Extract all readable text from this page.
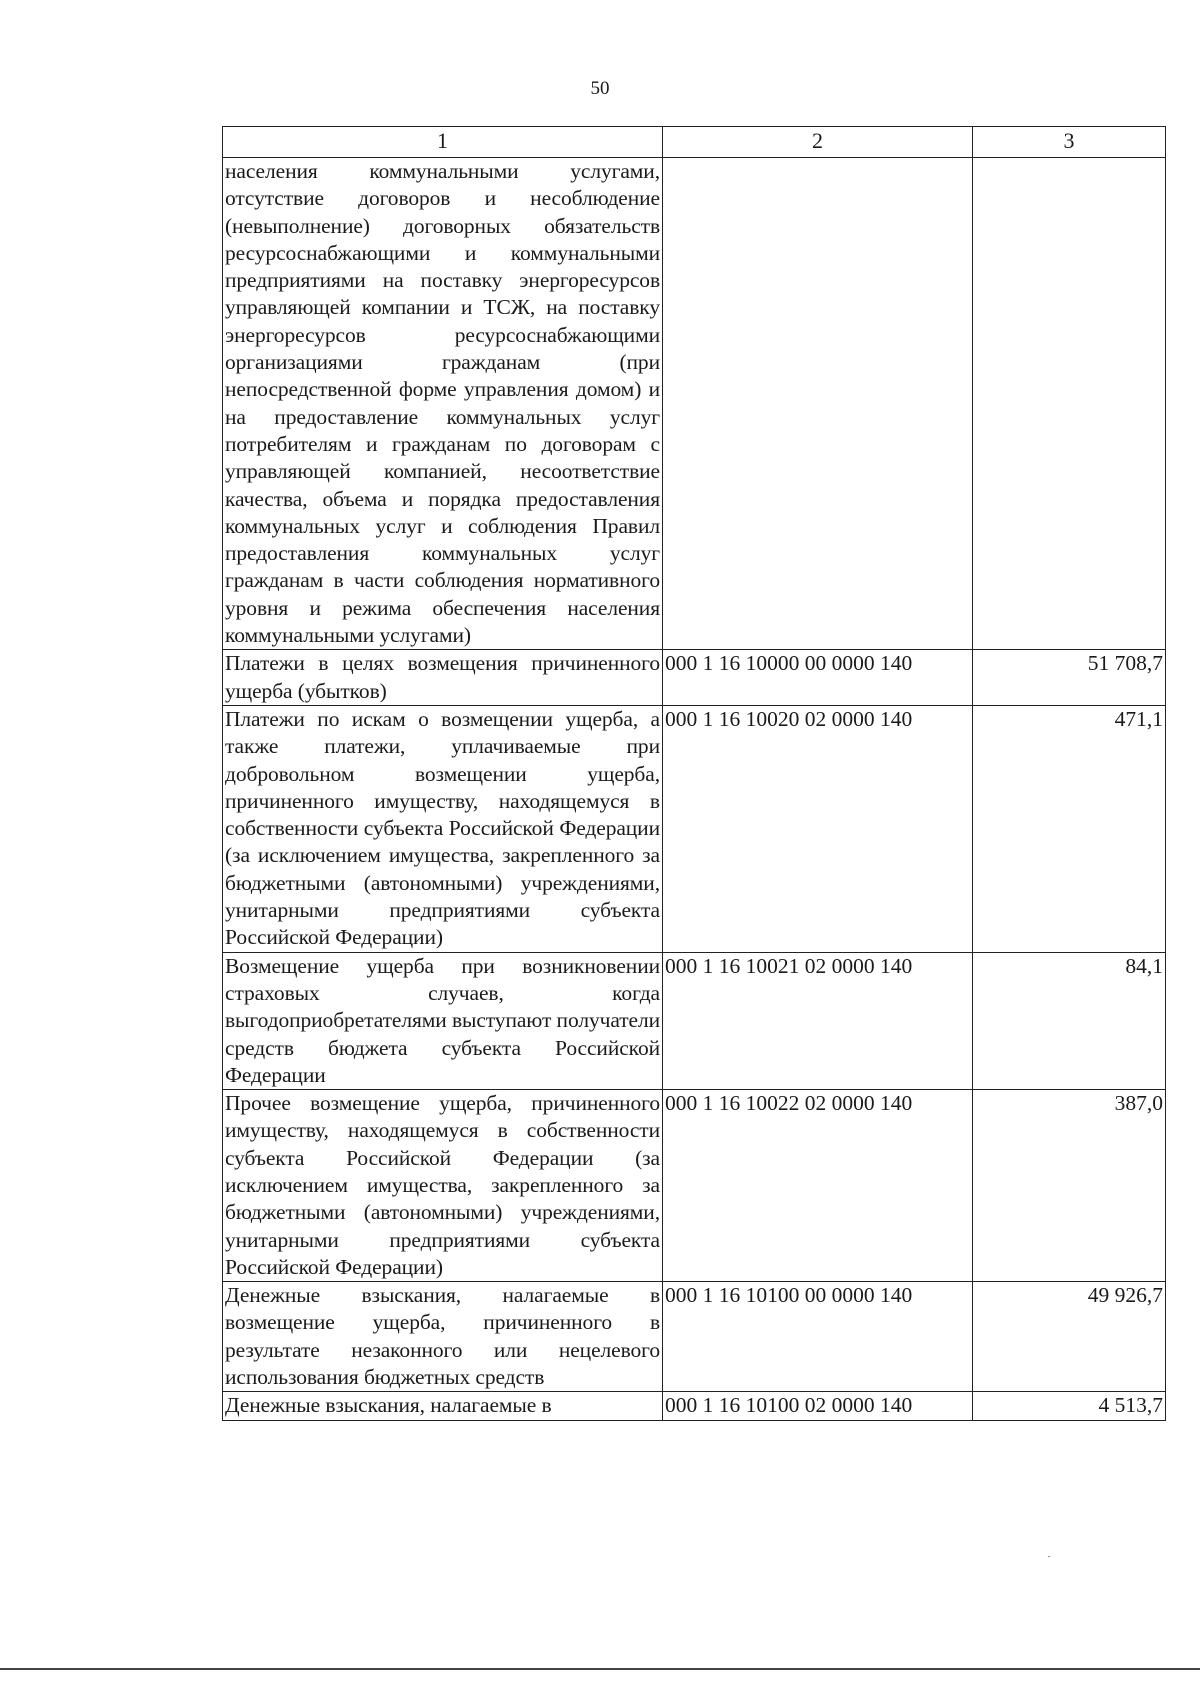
50
1	2	3
населения коммунальными услугами, отсутствие договоров и несоблюдение (невыполнение) договорных обязательств ресурсоснабжающими и коммунальными предприятиями на поставку энергоресурсов управляющей компании и ТСЖ, на поставку энергоресурсов ресурсоснабжающими организациями гражданам (при непосредственной форме управления домом) и на предоставление коммунальных услуг потребителям и гражданам по договорам с управляющей компанией, несоответствие качества, объема и порядка предоставления коммунальных услуг и соблюдения Правил предоставления коммунальных услуг гражданам в части соблюдения нормативного уровня и режима обеспечения населения коммунальными услугами)		
Платежи в целях возмещения причиненного ущерба (убытков)	000 1 16 10000 00 0000 140	51 708,7
Платежи по искам о возмещении ущерба, а также платежи, уплачиваемые при добровольном возмещении ущерба, причиненного имуществу, находящемуся в собственности субъекта Российской Федерации (за исключением имущества, закрепленного за бюджетными (автономными) учреждениями, унитарными предприятиями субъекта Российской Федерации)	000 1 16 10020 02 0000 140	471,1
Возмещение ущерба при возникновении страховых случаев, когда выгодоприобретателями выступают получатели средств бюджета субъекта Российской Федерации	000 1 16 10021 02 0000 140	84,1
Прочее возмещение ущерба, причиненного имуществу, находящемуся в собственности субъекта Российской Федерации (за исключением имущества, закрепленного за бюджетными (автономными) учреждениями, унитарными предприятиями субъекта Российской Федерации)	000 1 16 10022 02 0000 140	387,0
Денежные взыскания, налагаемые в возмещение ущерба, причиненного в результате незаконного или нецелевого использования бюджетных средств	000 1 16 10100 00 0000 140	49 926,7
Денежные взыскания, налагаемые в	000 1 16 10100 02 0000 140	4 513,7
